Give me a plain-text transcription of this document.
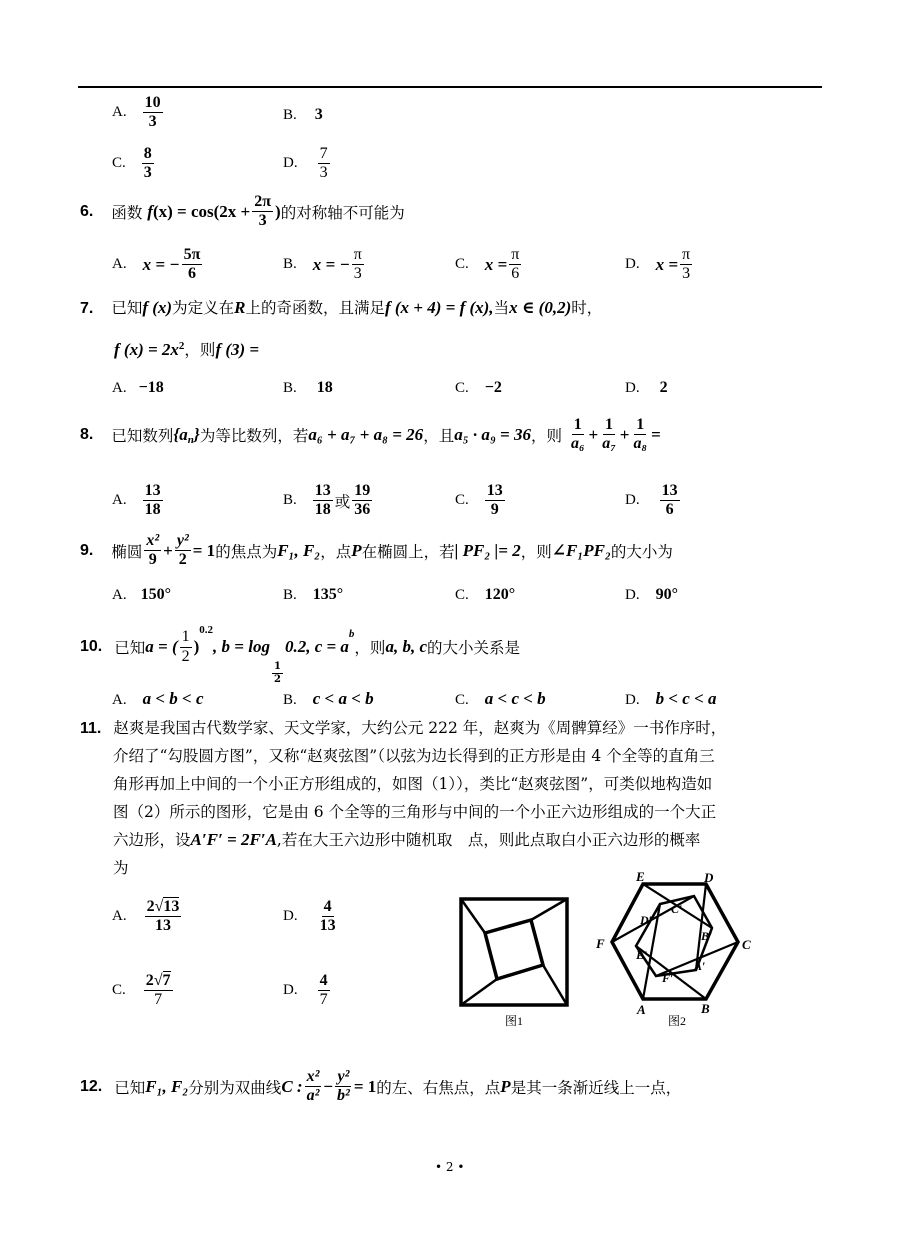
A. $\frac{10}{3}$	B. 3
C. $\frac{8}{3}$	D. $\frac{7}{3}$
6. 函数 $f(x) = \cos(2x + \frac{2\pi}{3}$ )的对称轴不可能为
A. x = − $\frac{5\pi}{6}$	B. x = − $\frac{\pi}{3}$	C. $x = \frac{\pi}{6}$	D. $x = \frac{\pi}{3}$
7. 已知f (x)为定义在R上的奇函数，且满足f (x + 4) = f (x),当x ∈ (0,2)时，
f $(x) = 2x^2$，则f (3) =
A. −18	B. 18	C. −2	D. 2
8. 已知数列$\{a_n\}$为等比数列，若a₆ + a₇ + a₈ = 26，且a₅ · a₉ = 36，则 $\frac{1}{\text{a₆}} + \frac{1}{\text{a₇}} + \frac{1}{\text{a₈}}$ =
A. $\frac{13}{18}$	B. $\frac{13}{18}$ 或 $\frac{19}{36}$	C. $\frac{13}{9}$	D. $\frac{13}{6}$
9. 椭圆 $\frac{\text{x²}}{9} + \frac{\text{y²}}{2} = 1$的焦点为F₁, F₂，点P在椭圆上，若| PF₂ |= 2，则∠F₁PF₂的大小为
A. 150°	B. 135°	C. 120°	D. 90°
10. 已知a = ( $\frac{1}{2} )^{0.2}$, b = log
$\frac{1}{2}$
0.2, $c = a^b$，则a, b, c的大小关系是
A. a < b < c	B. c < a < b	C. a < c < b	D. b < c < a
11. 赵爽是我国古代数学家、天文学家，大约公元 222 年，赵爽为《周髀算经》一书作序时，
介绍了“勾股圆方图”，又称“赵爽弦图”（以弦为边长得到的正方形是由 4 个全等的直角三
角形再加上中间的一个小正方形组成的，如图（1）），类比“赵爽弦图”，可类似地构造如
图（2）所示的图形，它是由 6 个全等的三角形与中间的一个小正六边形组成的一个大正
六边形，设A′F′ = 2F′A,若在大王六边形中随机取　点，则此点取白小正六边形的概率
为
A. $\frac{2√13}{13}$	D. $\frac{4}{13}$
C. $\frac{2√7}{7}$	D. $\frac{4}{7}$
图1
E	D
C
B
A
F
D′
C′
B′
E′
A′
F′
图2
12. 已知F₁, F₂分别为双曲线C : $\frac{\text{x²}}{\text{a²}} - \frac{\text{y²}}{\text{b²}} = 1$的左、右焦点，点P是其一条渐近线上一点，
• 2 •
